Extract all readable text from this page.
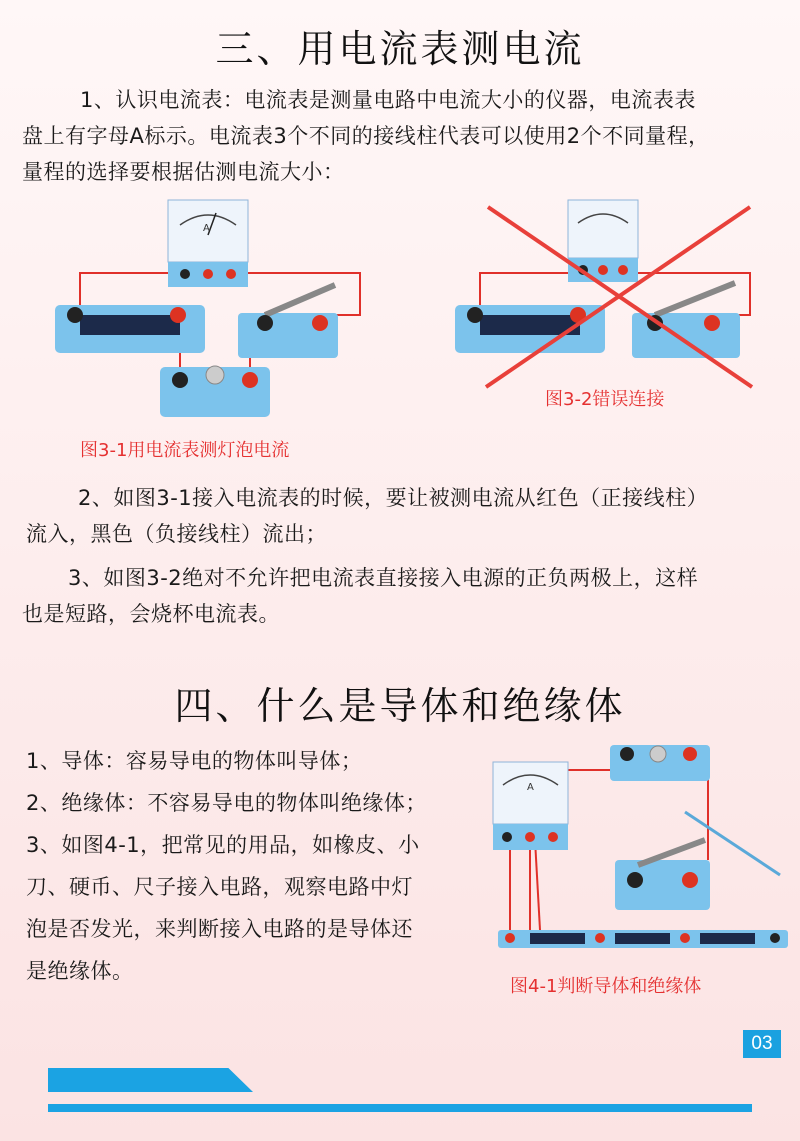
三、用电流表测电流
1、认识电流表：电流表是测量电路中电流大小的仪器，电流表表
盘上有字母A标示。电流表3个不同的接线柱代表可以使用2个不同量程，
量程的选择要根据估测电流大小：
A
图3-1用电流表测灯泡电流
图3-2错误连接
2、如图3-1接入电流表的时候，要让被测电流从红色（正接线柱）
流入，黑色（负接线柱）流出；
3、如图3-2绝对不允许把电流表直接接入电源的正负两极上，这样
也是短路，会烧杯电流表。
四、什么是导体和绝缘体
1、导体：容易导电的物体叫导体；
2、绝缘体：不容易导电的物体叫绝缘体；
3、如图4-1，把常见的用品，如橡皮、小
刀、硬币、尺子接入电路，观察电路中灯
泡是否发光，来判断接入电路的是导体还
是绝缘体。
A
图4-1判断导体和绝缘体
03
